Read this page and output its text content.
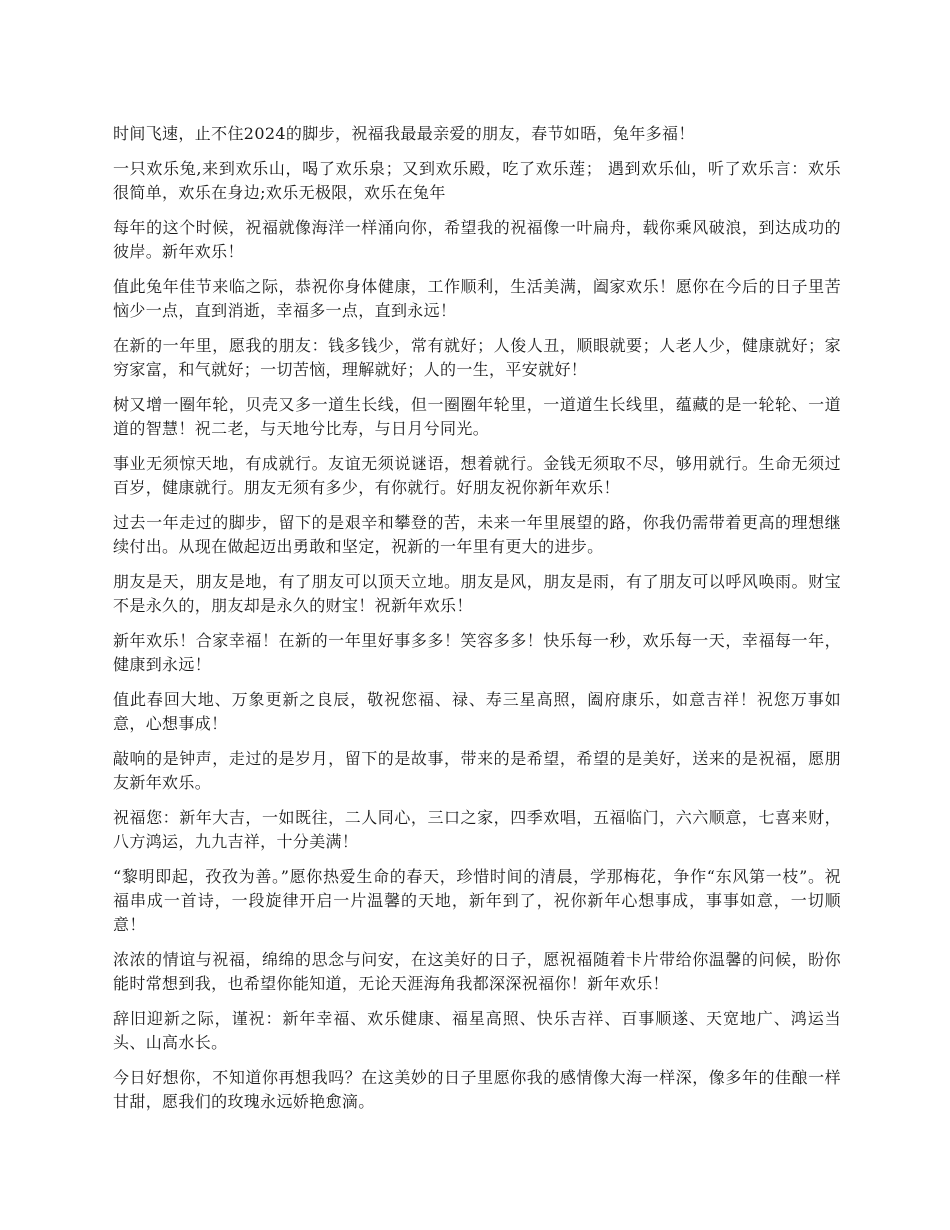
时间飞速，止不住2024的脚步，祝福我最最亲爱的朋友，春节如晤，兔年多福！

一只欢乐兔,来到欢乐山，喝了欢乐泉；又到欢乐殿，吃了欢乐莲； 遇到欢乐仙，听了欢乐言：欢乐很简单，欢乐在身边;欢乐无极限，欢乐在兔年

每年的这个时候，祝福就像海洋一样涌向你，希望我的祝福像一叶扁舟，载你乘风破浪，到达成功的彼岸。新年欢乐！

值此兔年佳节来临之际，恭祝你身体健康，工作顺利，生活美满，阖家欢乐！愿你在今后的日子里苦恼少一点，直到消逝，幸福多一点，直到永远！

在新的一年里，愿我的朋友：钱多钱少，常有就好；人俊人丑，顺眼就要；人老人少，健康就好；家穷家富，和气就好；一切苦恼，理解就好；人的一生，平安就好！

树又增一圈年轮，贝壳又多一道生长线，但一圈圈年轮里，一道道生长线里，蕴藏的是一轮轮、一道道的智慧！祝二老，与天地兮比寿，与日月兮同光。

事业无须惊天地，有成就行。友谊无须说谜语，想着就行。金钱无须取不尽，够用就行。生命无须过百岁，健康就行。朋友无须有多少，有你就行。好朋友祝你新年欢乐！

过去一年走过的脚步，留下的是艰辛和攀登的苦，未来一年里展望的路，你我仍需带着更高的理想继续付出。从现在做起迈出勇敢和坚定，祝新的一年里有更大的进步。

朋友是天，朋友是地，有了朋友可以顶天立地。朋友是风，朋友是雨，有了朋友可以呼风唤雨。财宝不是永久的，朋友却是永久的财宝！祝新年欢乐！

新年欢乐！合家幸福！在新的一年里好事多多！笑容多多！快乐每一秒，欢乐每一天，幸福每一年，健康到永远！

值此春回大地、万象更新之良辰，敬祝您福、禄、寿三星高照，阖府康乐，如意吉祥！祝您万事如意，心想事成！

敲响的是钟声，走过的是岁月，留下的是故事，带来的是希望，希望的是美好，送来的是祝福，愿朋友新年欢乐。

祝福您：新年大吉，一如既往，二人同心，三口之家，四季欢唱，五福临门，六六顺意，七喜来财，八方鸿运，九九吉祥，十分美满！

“黎明即起，孜孜为善。”愿你热爱生命的春天，珍惜时间的清晨，学那梅花，争作“东风第一枝”。祝福串成一首诗，一段旋律开启一片温馨的天地，新年到了，祝你新年心想事成，事事如意，一切顺意！

浓浓的情谊与祝福，绵绵的思念与问安，在这美好的日子，愿祝福随着卡片带给你温馨的问候，盼你能时常想到我，也希望你能知道，无论天涯海角我都深深祝福你！新年欢乐！

辞旧迎新之际，谨祝：新年幸福、欢乐健康、福星高照、快乐吉祥、百事顺遂、天宽地广、鸿运当头、山高水长。

今日好想你，不知道你再想我吗？在这美妙的日子里愿你我的感情像大海一样深，像多年的佳酿一样甘甜，愿我们的玫瑰永远娇艳愈滴。
